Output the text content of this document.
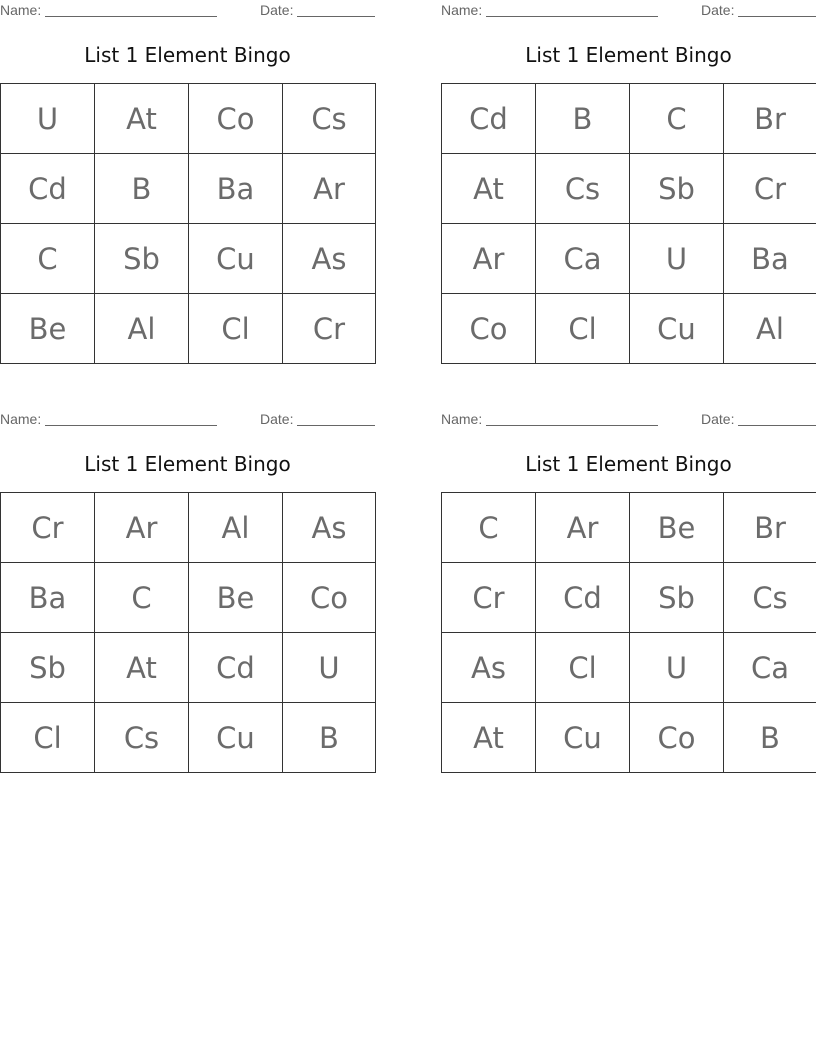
Name:	Date:
List 1 Element Bingo
U	At	Co	Cs
Cd	B	Ba	Ar
C	Sb	Cu	As
Be	Al	Cl	Cr
Name:	Date:
List 1 Element Bingo
Cd	B	C	Br
At	Cs	Sb	Cr
Ar	Ca	U	Ba
Co	Cl	Cu	Al
Name:	Date:
List 1 Element Bingo
Cr	Ar	Al	As
Ba	C	Be	Co
Sb	At	Cd	U
Cl	Cs	Cu	B
Name:	Date:
List 1 Element Bingo
C	Ar	Be	Br
Cr	Cd	Sb	Cs
As	Cl	U	Ca
At	Cu	Co	B
